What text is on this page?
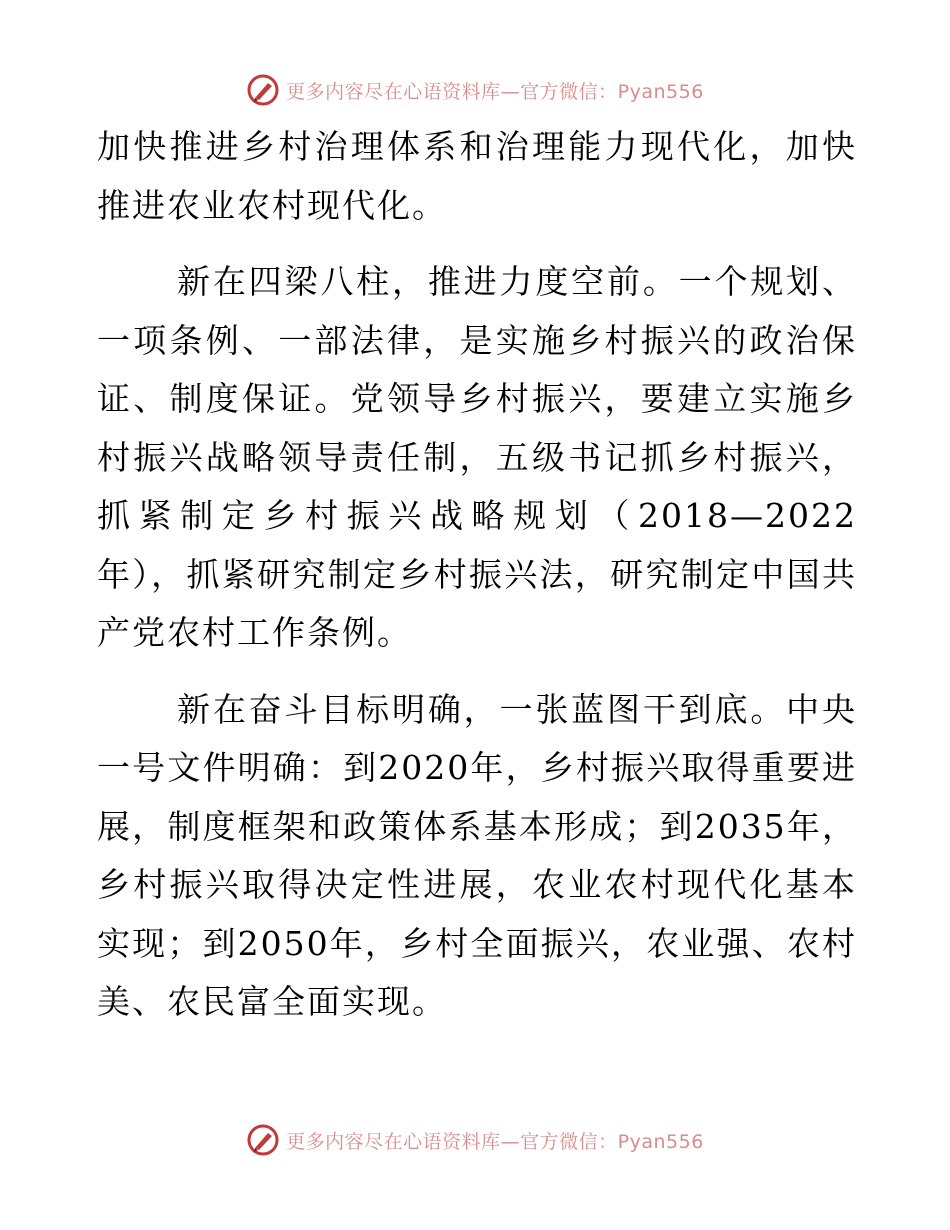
更多内容尽在心语资料库—官方微信：Pyan556

加快推进乡村治理体系和治理能力现代化，加快推进农业农村现代化。

新在四梁八柱，推进力度空前。一个规划、一项条例、一部法律，是实施乡村振兴的政治保证、制度保证。党领导乡村振兴，要建立实施乡村振兴战略领导责任制，五级书记抓乡村振兴，抓紧制定乡村振兴战略规划（2018—2022年），抓紧研究制定乡村振兴法，研究制定中国共产党农村工作条例。

新在奋斗目标明确，一张蓝图干到底。中央一号文件明确：到2020年，乡村振兴取得重要进展，制度框架和政策体系基本形成；到2035年，乡村振兴取得决定性进展，农业农村现代化基本实现；到2050年，乡村全面振兴，农业强、农村美、农民富全面实现。

更多内容尽在心语资料库—官方微信：Pyan556
